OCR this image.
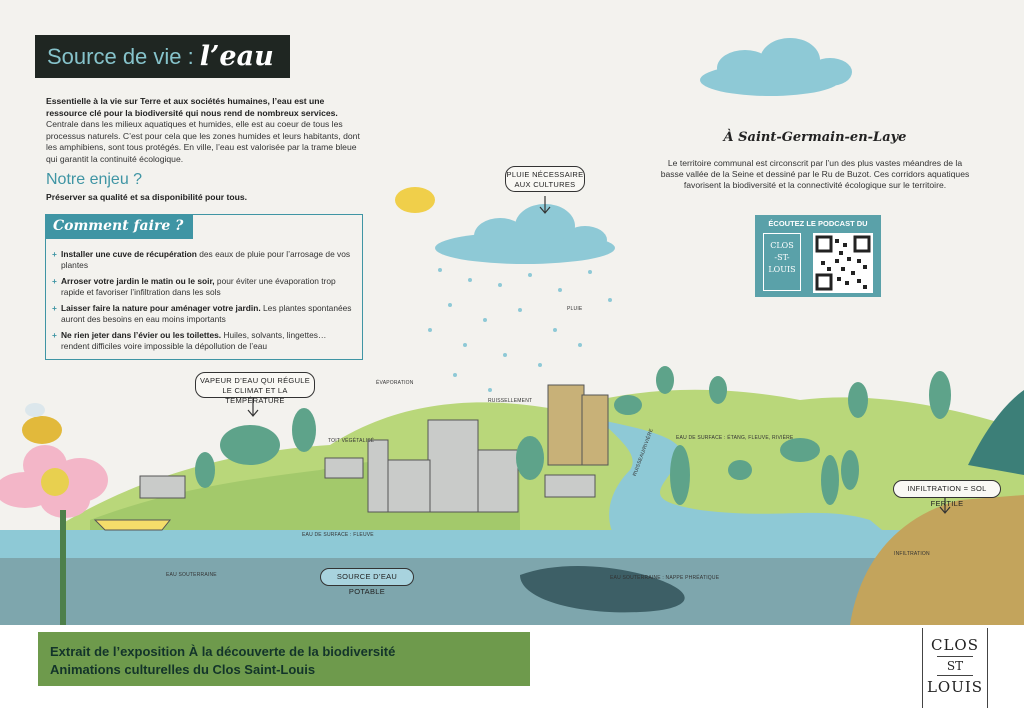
Source de vie : l’eau
Essentielle à la vie sur Terre et aux sociétés humaines, l’eau est une ressource clé pour la biodiversité qui nous rend de nombreux services. Centrale dans les milieux aquatiques et humides, elle est au coeur de tous les processus naturels. C’est pour cela que les zones humides et leurs habitants, dont les amphibiens, sont tous protégés. En ville, l’eau est valorisée par la trame bleue qui garantit la continuité écologique.
Notre enjeu ?
Préserver sa qualité et sa disponibilité pour tous.
Comment faire ?
+ Installer une cuve de récupération des eaux de pluie pour l’arrosage de vos plantes
+ Arroser votre jardin le matin ou le soir, pour éviter une évaporation trop rapide et favoriser l’infiltration dans les sols
+ Laisser faire la nature pour aménager votre jardin. Les plantes spontanées auront des besoins en eau moins importants
+ Ne rien jeter dans l’évier ou les toilettes. Huiles, solvants, lingettes… rendent difficiles voire impossible la dépollution de l’eau
À Saint-Germain-en-Laye
Le territoire communal est circonscrit par l’un des plus vastes méandres de la basse vallée de la Seine et dessiné par le Ru de Buzot. Ces corridors aquatiques favorisent la biodiversité et la connectivité écologique sur le territoire.
ÉCOUTEZ LE PODCAST DU
CLOS
-ST-
LOUIS
PLUIE NÉCESSAIRE
AUX CULTURES
VAPEUR D’EAU QUI RÉGULE
LE CLIMAT ET LA TEMPÉRATURE
SOURCE D’EAU POTABLE
INFILTRATION = SOL FERTILE
PLUIE
ÉVAPORATION
TOIT VÉGÉTALISÉ
RUISSELLEMENT
EAU DE SURFACE : ÉTANG, FLEUVE, RIVIÈRE
RUISSEAU/RIVIÈRE
EAU DE SURFACE : FLEUVE
EAU SOUTERRAINE	EAU SOUTERRAINE : NAPPE PHRÉATIQUE
INFILTRATION
Extrait de l’exposition À la découverte de la biodiversité
Animations culturelles du Clos Saint-Louis
CLOS
ST
LOUIS
